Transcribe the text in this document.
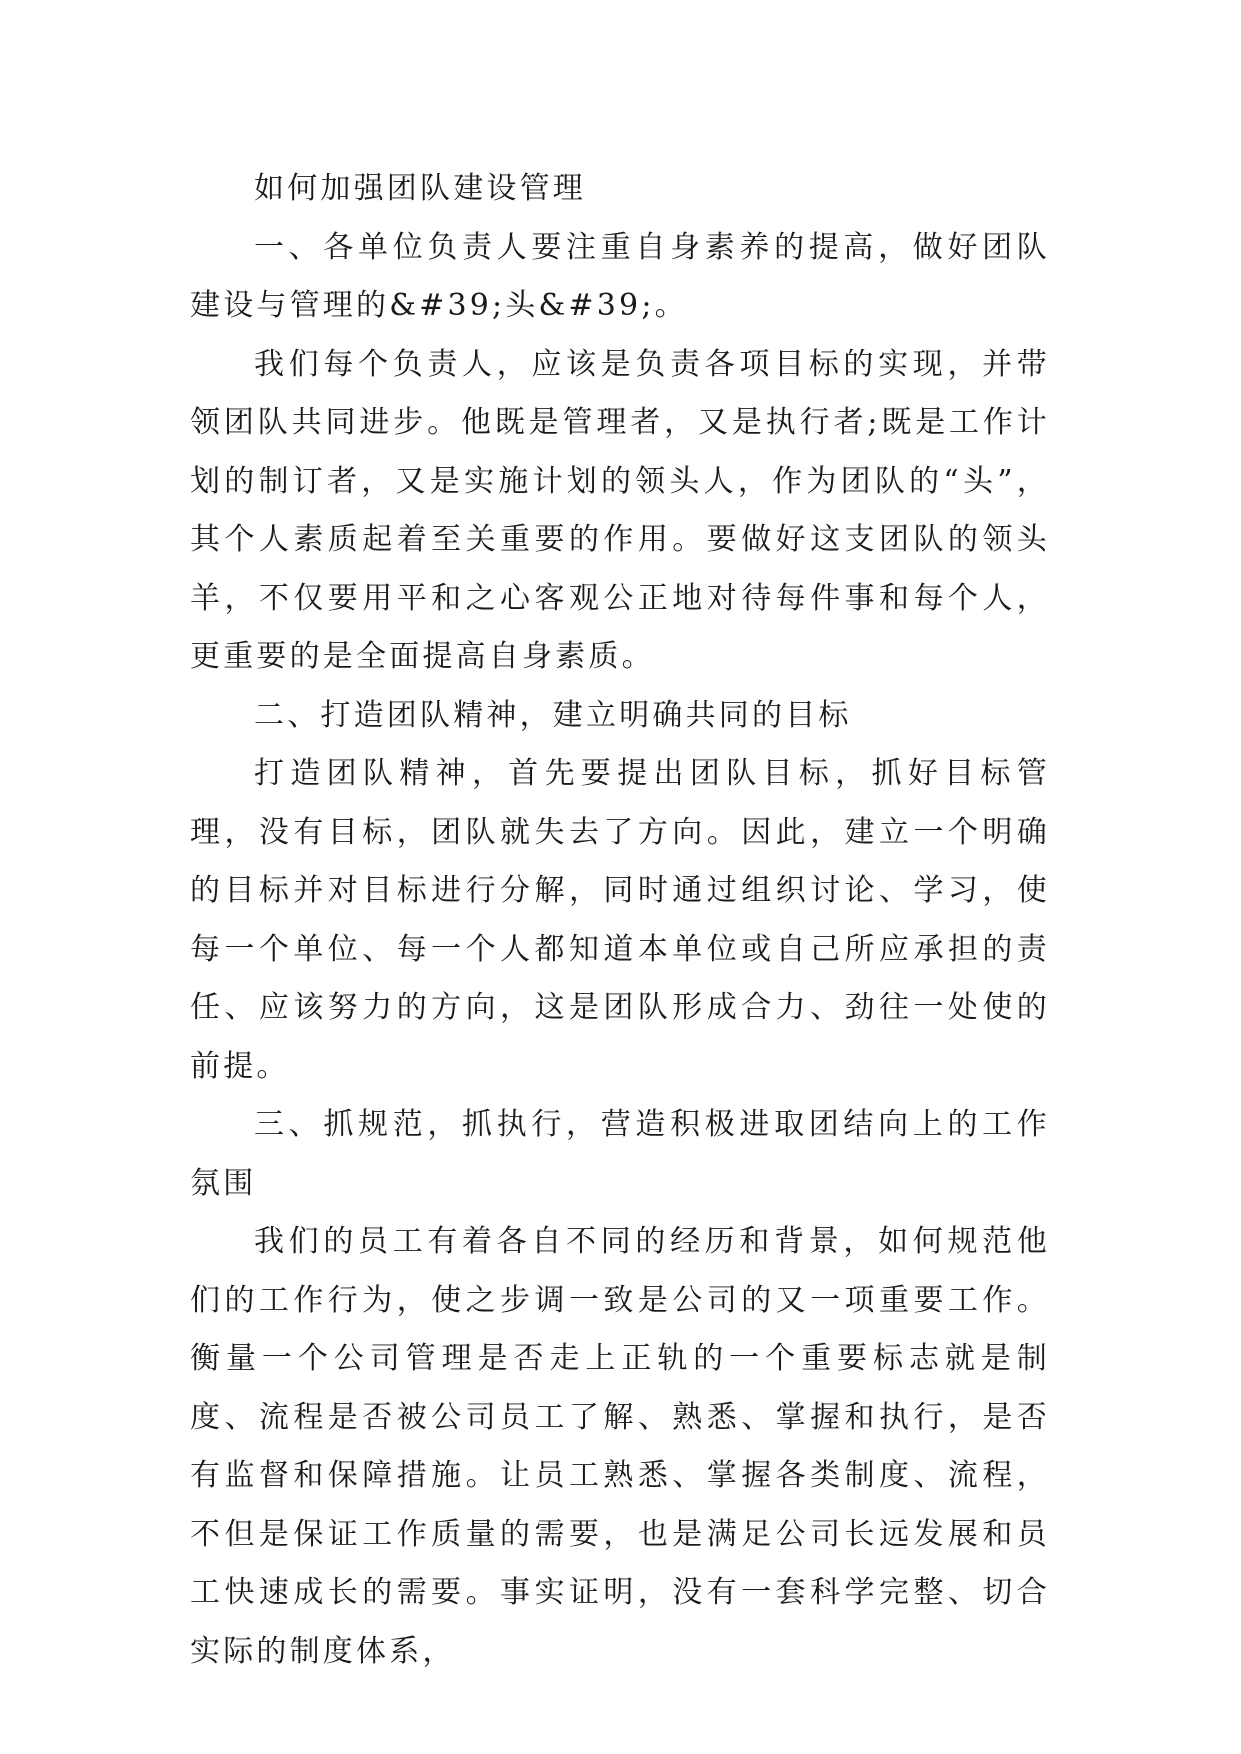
如何加强团队建设管理

一、各单位负责人要注重自身素养的提高，做好团队建设与管理的&#39;头&#39;。

我们每个负责人，应该是负责各项目标的实现，并带领团队共同进步。他既是管理者，又是执行者;既是工作计划的制订者，又是实施计划的领头人，作为团队的“头”，其个人素质起着至关重要的作用。要做好这支团队的领头羊，不仅要用平和之心客观公正地对待每件事和每个人，更重要的是全面提高自身素质。

二、打造团队精神，建立明确共同的目标

打造团队精神，首先要提出团队目标，抓好目标管理，没有目标，团队就失去了方向。因此，建立一个明确的目标并对目标进行分解，同时通过组织讨论、学习，使每一个单位、每一个人都知道本单位或自己所应承担的责任、应该努力的方向，这是团队形成合力、劲往一处使的前提。

三、抓规范，抓执行，营造积极进取团结向上的工作氛围

我们的员工有着各自不同的经历和背景，如何规范他们的工作行为，使之步调一致是公司的又一项重要工作。衡量一个公司管理是否走上正轨的一个重要标志就是制度、流程是否被公司员工了解、熟悉、掌握和执行，是否有监督和保障措施。让员工熟悉、掌握各类制度、流程，不但是保证工作质量的需要，也是满足公司长远发展和员工快速成长的需要。事实证明，没有一套科学完整、切合实际的制度体系，
